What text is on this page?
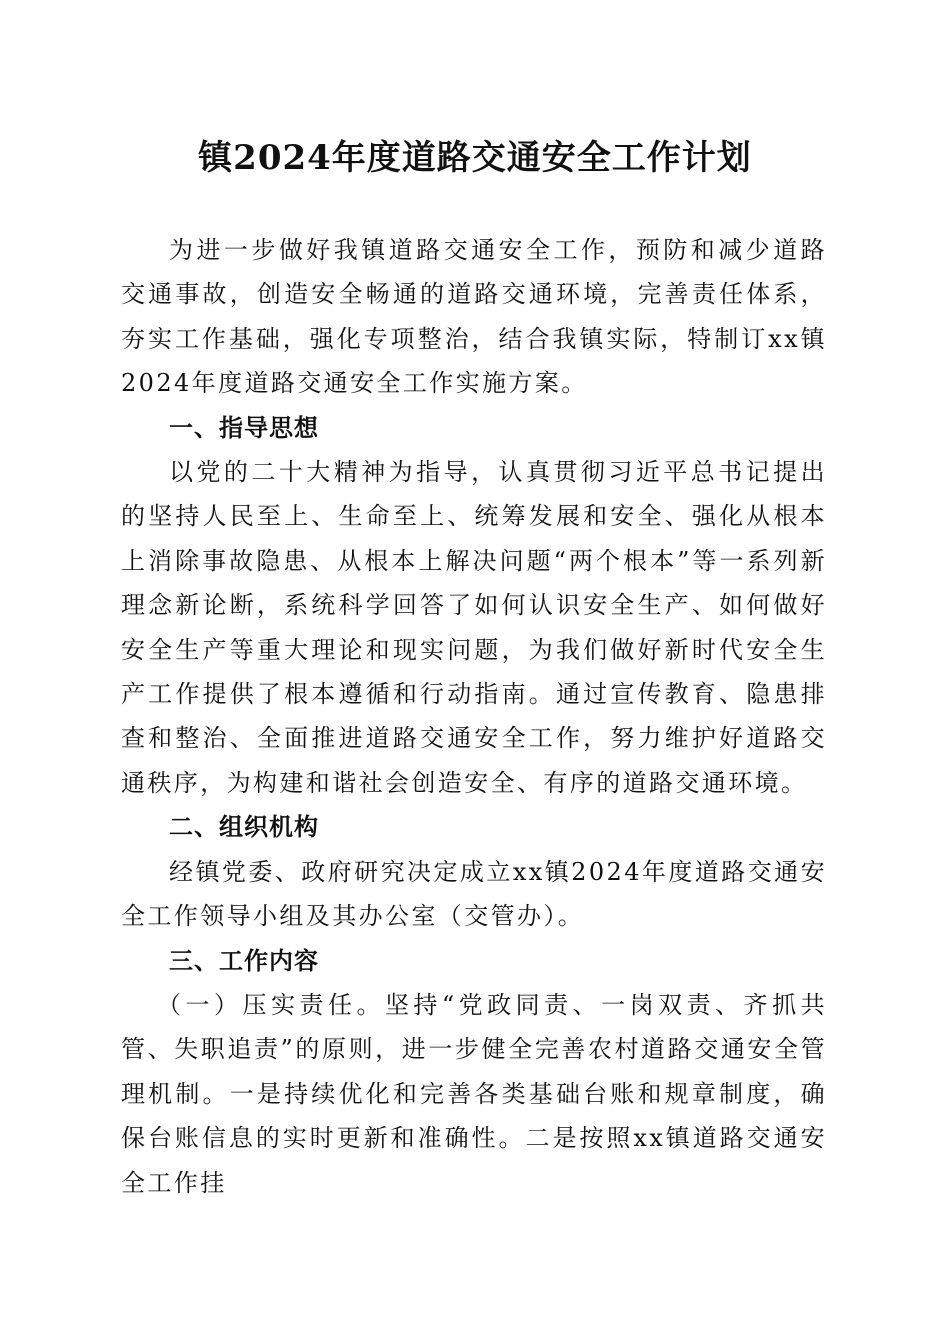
镇2024年度道路交通安全工作计划

为进一步做好我镇道路交通安全工作，预防和减少道路交通事故，创造安全畅通的道路交通环境，完善责任体系，夯实工作基础，强化专项整治，结合我镇实际，特制订xx镇2024年度道路交通安全工作实施方案。

一、指导思想

以党的二十大精神为指导，认真贯彻习近平总书记提出的坚持人民至上、生命至上、统筹发展和安全、强化从根本上消除事故隐患、从根本上解决问题“两个根本”等一系列新理念新论断，系统科学回答了如何认识安全生产、如何做好安全生产等重大理论和现实问题，为我们做好新时代安全生产工作提供了根本遵循和行动指南。通过宣传教育、隐患排查和整治、全面推进道路交通安全工作，努力维护好道路交通秩序，为构建和谐社会创造安全、有序的道路交通环境。

二、组织机构

经镇党委、政府研究决定成立xx镇2024年度道路交通安全工作领导小组及其办公室（交管办）。

三、工作内容

（一）压实责任。坚持“党政同责、一岗双责、齐抓共管、失职追责”的原则，进一步健全完善农村道路交通安全管理机制。一是持续优化和完善各类基础台账和规章制度，确保台账信息的实时更新和准确性。二是按照xx镇道路交通安全工作挂
